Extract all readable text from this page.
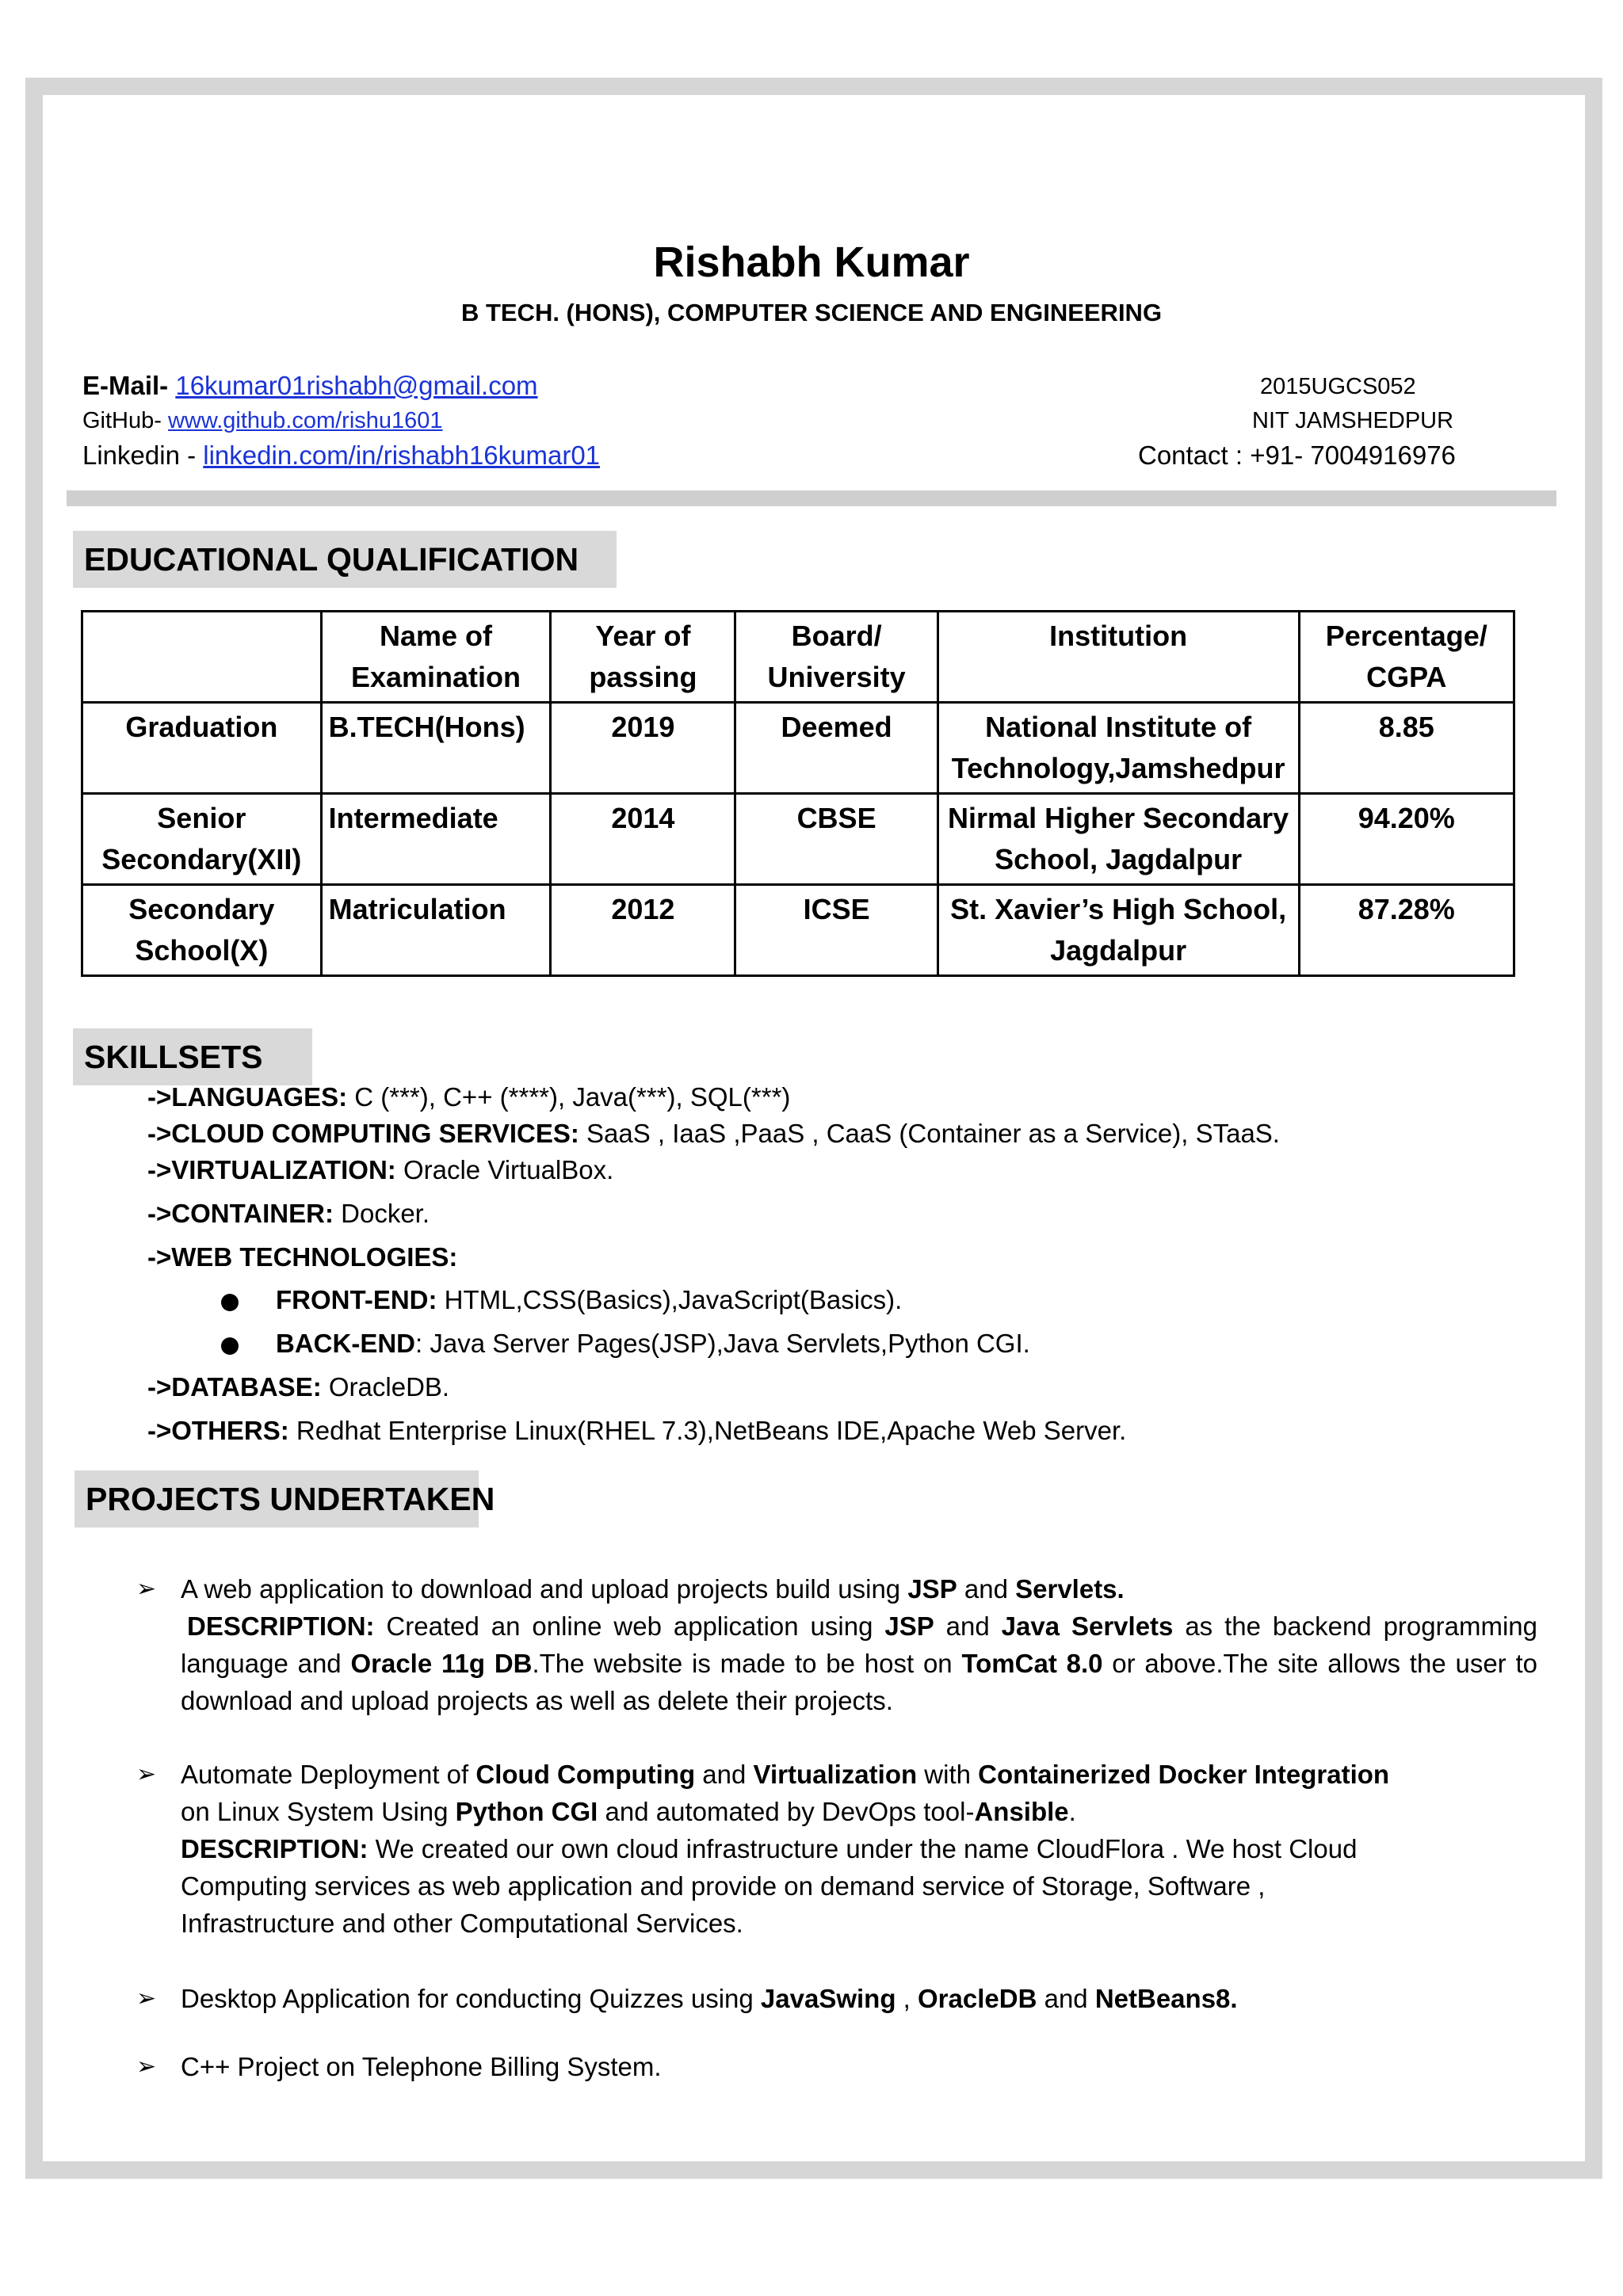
Rishabh Kumar
B TECH. (HONS), COMPUTER SCIENCE AND ENGINEERING
E-Mail- 16kumar01rishabh@gmail.com
GitHub- www.github.com/rishu1601
Linkedin - linkedin.com/in/rishabh16kumar01
2015UGCS052
NIT JAMSHEDPUR
Contact : +91- 7004916976
EDUCATIONAL QUALIFICATION
	Name of Examination	Year of passing	Board/ University	Institution	Percentage/ CGPA
Graduation	B.TECH(Hons)	2019	Deemed	National Institute of Technology,Jamshedpur	8.85
Senior Secondary(XII)	Intermediate	2014	CBSE	Nirmal Higher Secondary School, Jagdalpur	94.20%
Secondary School(X)	Matriculation	2012	ICSE	St. Xavier’s High School, Jagdalpur	87.28%
SKILLSETS
->LANGUAGES: C (***), C++ (****), Java(***), SQL(***)
->CLOUD COMPUTING SERVICES: SaaS , IaaS ,PaaS , CaaS (Container as a Service), STaaS.
->VIRTUALIZATION: Oracle VirtualBox.
->CONTAINER: Docker.
->WEB TECHNOLOGIES:
FRONT-END: HTML,CSS(Basics),JavaScript(Basics).
BACK-END: Java Server Pages(JSP),Java Servlets,Python CGI.
->DATABASE: OracleDB.
->OTHERS: Redhat Enterprise Linux(RHEL 7.3),NetBeans IDE,Apache Web Server.
PROJECTS UNDERTAKEN
➢ A web application to download and upload projects build using JSP and Servlets.
DESCRIPTION: Created an online web application using JSP and Java Servlets as the backend programming language and Oracle 11g DB.The website is made to be host on TomCat 8.0 or above.The site allows the user to download and upload projects as well as delete their projects.
➢ Automate Deployment of Cloud Computing and Virtualization with Containerized Docker Integration on Linux System Using Python CGI and automated by DevOps tool-Ansible.
DESCRIPTION: We created our own cloud infrastructure under the name CloudFlora . We host Cloud Computing services as web application and provide on demand service of Storage, Software , Infrastructure and other Computational Services.
➢ Desktop Application for conducting Quizzes using JavaSwing , OracleDB and NetBeans8.
➢ C++ Project on Telephone Billing System.
